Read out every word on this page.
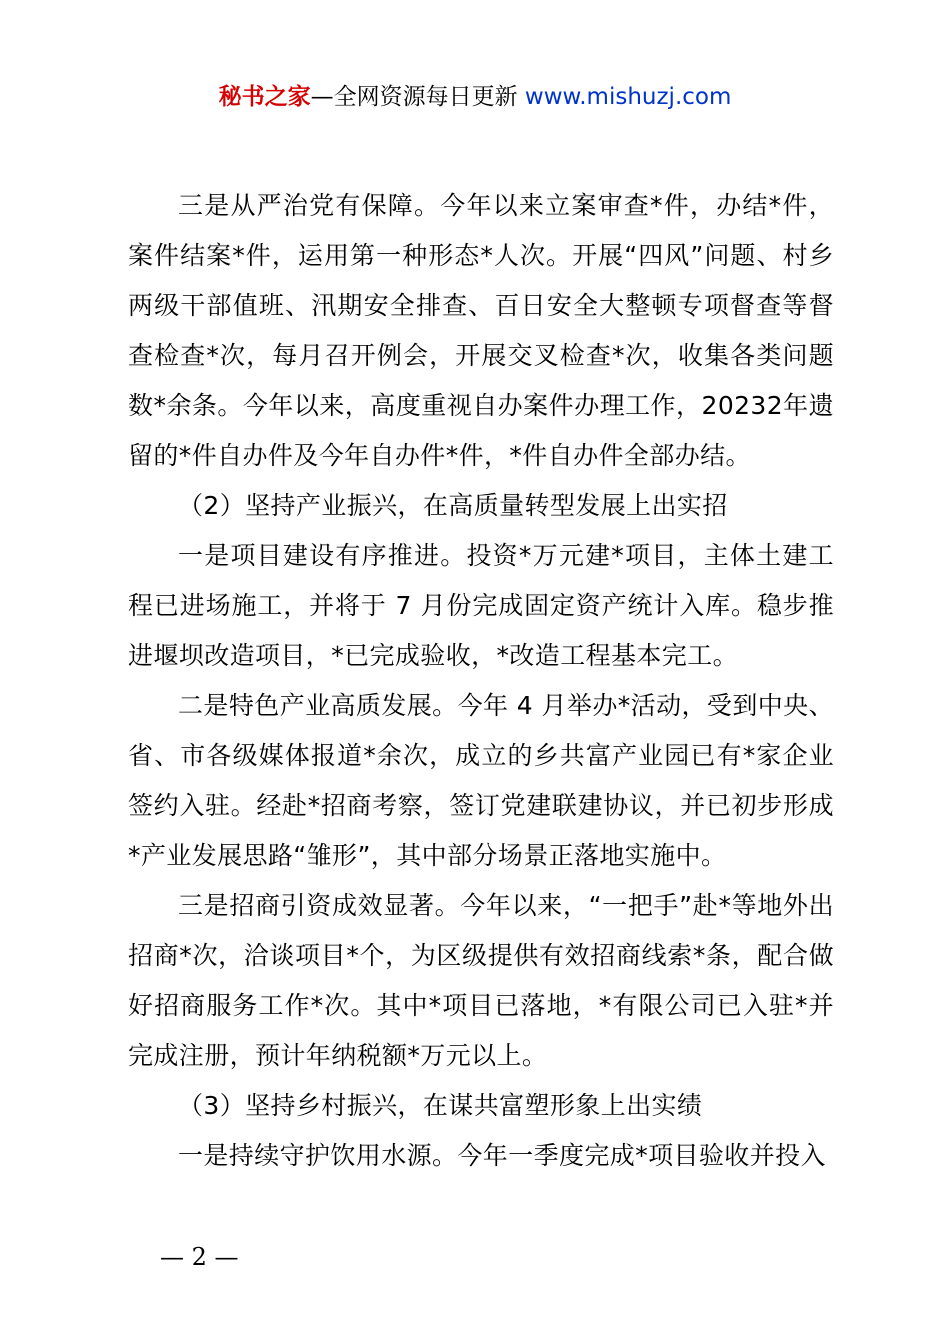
秘书之家—全网资源每日更新 www.mishuzj.com

三是从严治党有保障。今年以来立案审查*件，办结*件，案件结案*件，运用第一种形态*人次。开展“四风”问题、村乡两级干部值班、汛期安全排查、百日安全大整顿专项督查等督查检查*次，每月召开例会，开展交叉检查*次，收集各类问题数*余条。今年以来，高度重视自办案件办理工作，20232年遗留的*件自办件及今年自办件*件，*件自办件全部办结。

（2）坚持产业振兴，在高质量转型发展上出实招

一是项目建设有序推进。投资*万元建*项目，主体土建工程已进场施工，并将于 7 月份完成固定资产统计入库。稳步推进堰坝改造项目，*已完成验收，*改造工程基本完工。

二是特色产业高质发展。今年 4 月举办*活动，受到中央、省、市各级媒体报道*余次，成立的乡共富产业园已有*家企业签约入驻。经赴*招商考察，签订党建联建协议，并已初步形成*产业发展思路“雏形”，其中部分场景正落地实施中。

三是招商引资成效显著。今年以来，“一把手”赴*等地外出招商*次，洽谈项目*个，为区级提供有效招商线索*条，配合做好招商服务工作*次。其中*项目已落地，*有限公司已入驻*并完成注册，预计年纳税额*万元以上。

（3）坚持乡村振兴，在谋共富塑形象上出实绩

一是持续守护饮用水源。今年一季度完成*项目验收并投入

— 2 —
